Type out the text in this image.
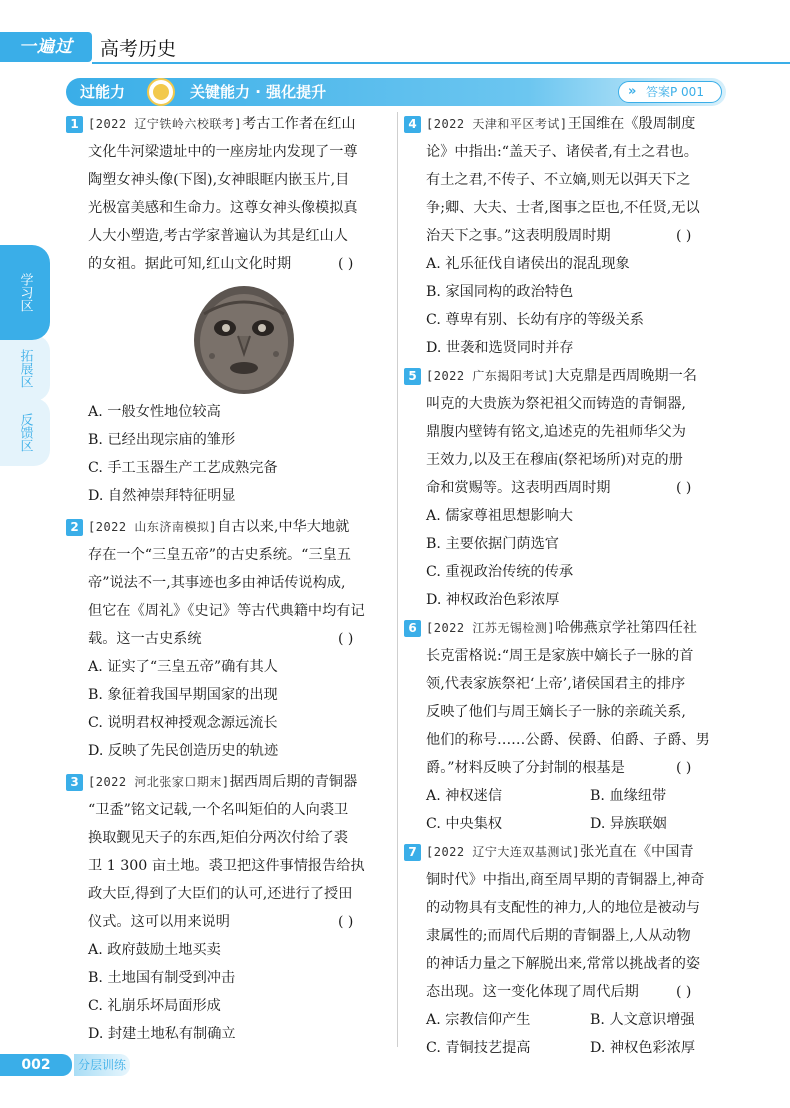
一遍过	高考历史
过能力	关键能力 · 强化提升	» 答案P 001
拓展区
反馈区
学习区
1 [2022 辽宁铁岭六校联考]考古工作者在红山
文化牛河梁遗址中的一座房址内发现了一尊
陶塑女神头像(下图),女神眼眶内嵌玉片,目
光极富美感和生命力。这尊女神头像模拟真
人大小塑造,考古学家普遍认为其是红山人
的女祖。据此可知,红山文化时期	( )
A. 一般女性地位较高
B. 已经出现宗庙的雏形
C. 手工玉器生产工艺成熟完备
D. 自然神崇拜特征明显
2 [2022 山东济南模拟]自古以来,中华大地就
存在一个“三皇五帝”的古史系统。“三皇五
帝”说法不一,其事迹也多由神话传说构成,
但它在《周礼》《史记》等古代典籍中均有记
载。这一古史系统	( )
A. 证实了“三皇五帝”确有其人
B. 象征着我国早期国家的出现
C. 说明君权神授观念源远流长
D. 反映了先民创造历史的轨迹
3 [2022 河北张家口期末]据西周后期的青铜器
“卫盉”铭文记载,一个名叫矩伯的人向裘卫
换取觐见天子的东西,矩伯分两次付给了裘
卫 1 300 亩土地。裘卫把这件事情报告给执
政大臣,得到了大臣们的认可,还进行了授田
仪式。这可以用来说明	( )
A. 政府鼓励土地买卖
B. 土地国有制受到冲击
C. 礼崩乐坏局面形成
D. 封建土地私有制确立
4 [2022 天津和平区考试]王国维在《殷周制度
论》中指出:“盖天子、诸侯者,有土之君也。
有土之君,不传子、不立嫡,则无以弭天下之
争;卿、大夫、士者,图事之臣也,不任贤,无以
治天下之事。”这表明殷周时期	( )
A. 礼乐征伐自诸侯出的混乱现象
B. 家国同构的政治特色
C. 尊卑有别、长幼有序的等级关系
D. 世袭和选贤同时并存
5 [2022 广东揭阳考试]大克鼎是西周晚期一名
叫克的大贵族为祭祀祖父而铸造的青铜器,
鼎腹内壁铸有铭文,追述克的先祖师华父为
王效力,以及王在穆庙(祭祀场所)对克的册
命和赏赐等。这表明西周时期	( )
A. 儒家尊祖思想影响大
B. 主要依据门荫选官
C. 重视政治传统的传承
D. 神权政治色彩浓厚
6 [2022 江苏无锡检测]哈佛燕京学社第四任社
长克雷格说:“周王是家族中嫡长子一脉的首
领,代表家族祭祀‘上帝’,诸侯国君主的排序
反映了他们与周王嫡长子一脉的亲疏关系,
他们的称号……公爵、侯爵、伯爵、子爵、男
爵。”材料反映了分封制的根基是	( )
A. 神权迷信	B. 血缘纽带
C. 中央集权	D. 异族联姻
7 [2022 辽宁大连双基测试]张光直在《中国青
铜时代》中指出,商至周早期的青铜器上,神奇
的动物具有支配性的神力,人的地位是被动与
隶属性的;而周代后期的青铜器上,人从动物
的神话力量之下解脱出来,常常以挑战者的姿
态出现。这一变化体现了周代后期	( )
A. 宗教信仰产生	B. 人文意识增强
C. 青铜技艺提高	D. 神权色彩浓厚
002	分层训练
